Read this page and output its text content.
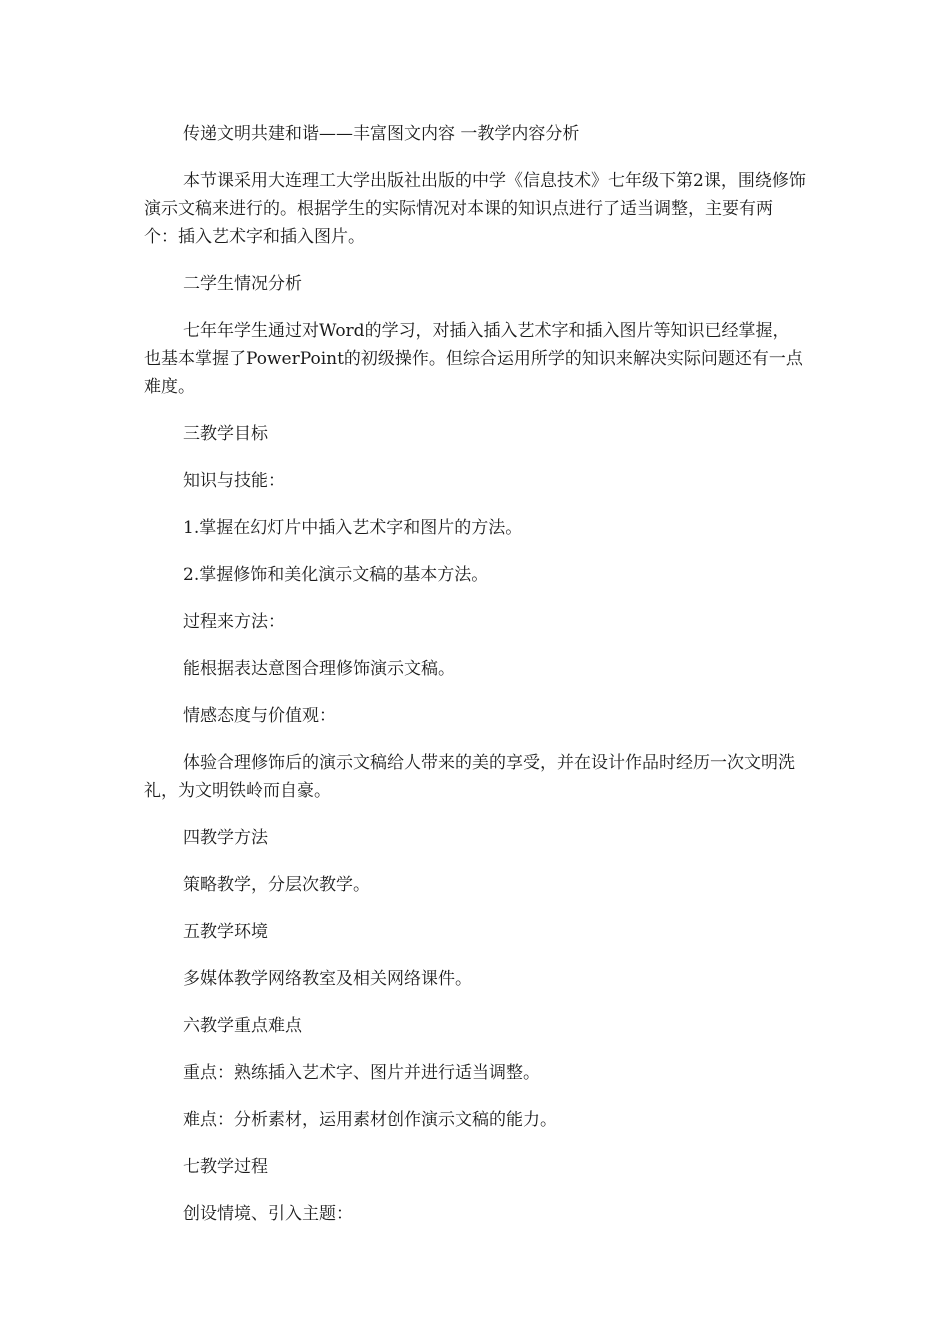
传递文明共建和谐——丰富图文内容 一教学内容分析

本节课采用大连理工大学出版社出版的中学《信息技术》七年级下第2课，围绕修饰演示文稿来进行的。根据学生的实际情况对本课的知识点进行了适当调整，主要有两个：插入艺术字和插入图片。

二学生情况分析

七年年学生通过对Word的学习，对插入插入艺术字和插入图片等知识已经掌握，也基本掌握了PowerPoint的初级操作。但综合运用所学的知识来解决实际问题还有一点难度。

三教学目标

知识与技能：

1.掌握在幻灯片中插入艺术字和图片的方法。

2.掌握修饰和美化演示文稿的基本方法。

过程来方法：

能根据表达意图合理修饰演示文稿。

情感态度与价值观：

体验合理修饰后的演示文稿给人带来的美的享受，并在设计作品时经历一次文明洗礼，为文明铁岭而自豪。

四教学方法

策略教学，分层次教学。

五教学环境

多媒体教学网络教室及相关网络课件。

六教学重点难点

重点：熟练插入艺术字、图片并进行适当调整。

难点：分析素材，运用素材创作演示文稿的能力。

七教学过程

创设情境、引入主题：
